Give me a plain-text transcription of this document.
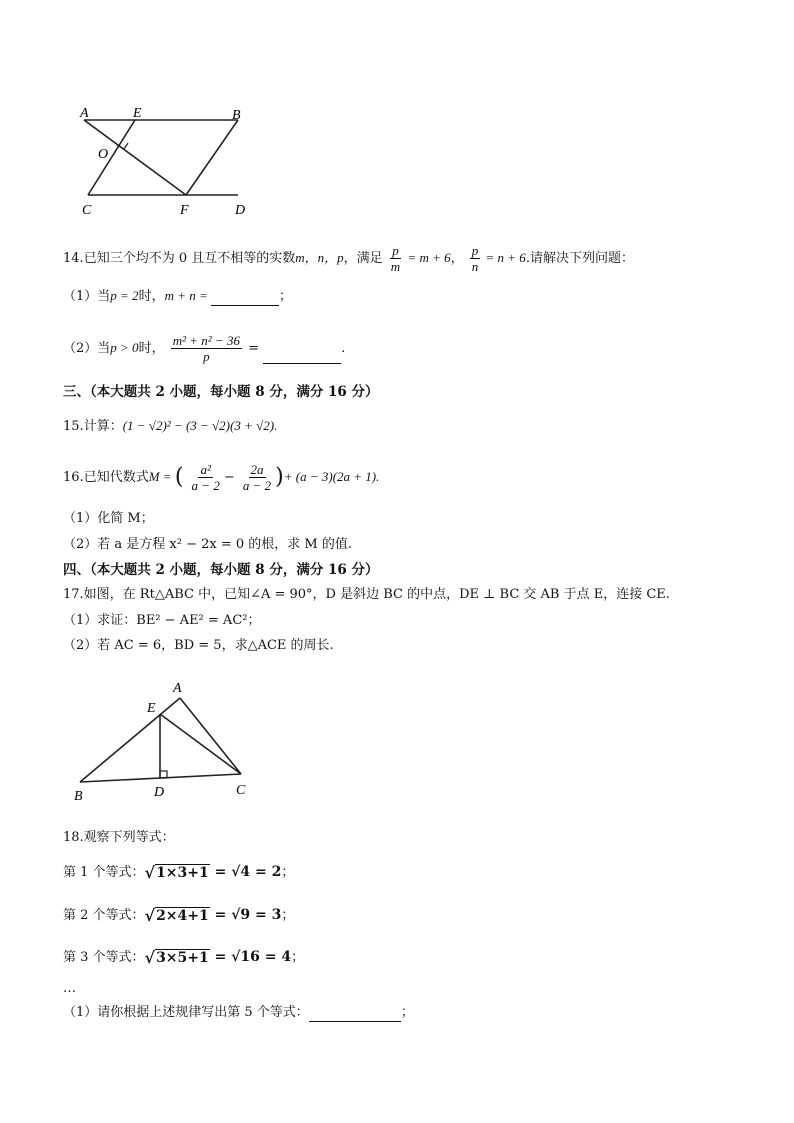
A	E	B
O
C	F	D
14.已知三个均不为 0 且互不相等的实数m，n，p，满足 $\frac{p}{m} = m + 6$， $\frac{p}{n} = n + 6$.请解决下列问题：
（1）当p = 2时，m + n =	；
（2）当p > 0时， $\frac{\text{m² + n² − 36}}{p}$ =	.
三、（本大题共 2 小题，每小题 8 分，满分 16 分）
15.计算：(1 − √2)² − (3 − √2)(3 + √2).
16.已知代数式M = ( $\frac{\text{a²}}{a - 2} - \frac{2a}{a - 2}$ )+ (a − 3)(2a + 1).
（1）化简 M；
（2）若 a 是方程 x² − 2x = 0 的根，求 M 的值.
四、（本大题共 2 小题，每小题 8 分，满分 16 分）
17.如图，在 Rt△ABC 中，已知∠A = 90°，D 是斜边 BC 的中点，DE ⊥ BC 交 AB 于点 E，连接 CE.
（1）求证：BE² − AE² = AC²；
（2）若 AC = 6，BD = 5，求△ACE 的周长.
A
E
B	D	C
18.观察下列等式：
第 1 个等式： √ 1×3+1 = √4 = 2；
第 2 个等式： √ 2×4+1 = √9 = 3；
第 3 个等式： √ 3×5+1 = √16 = 4；
…
（1）请你根据上述规律写出第 5 个等式：	；
